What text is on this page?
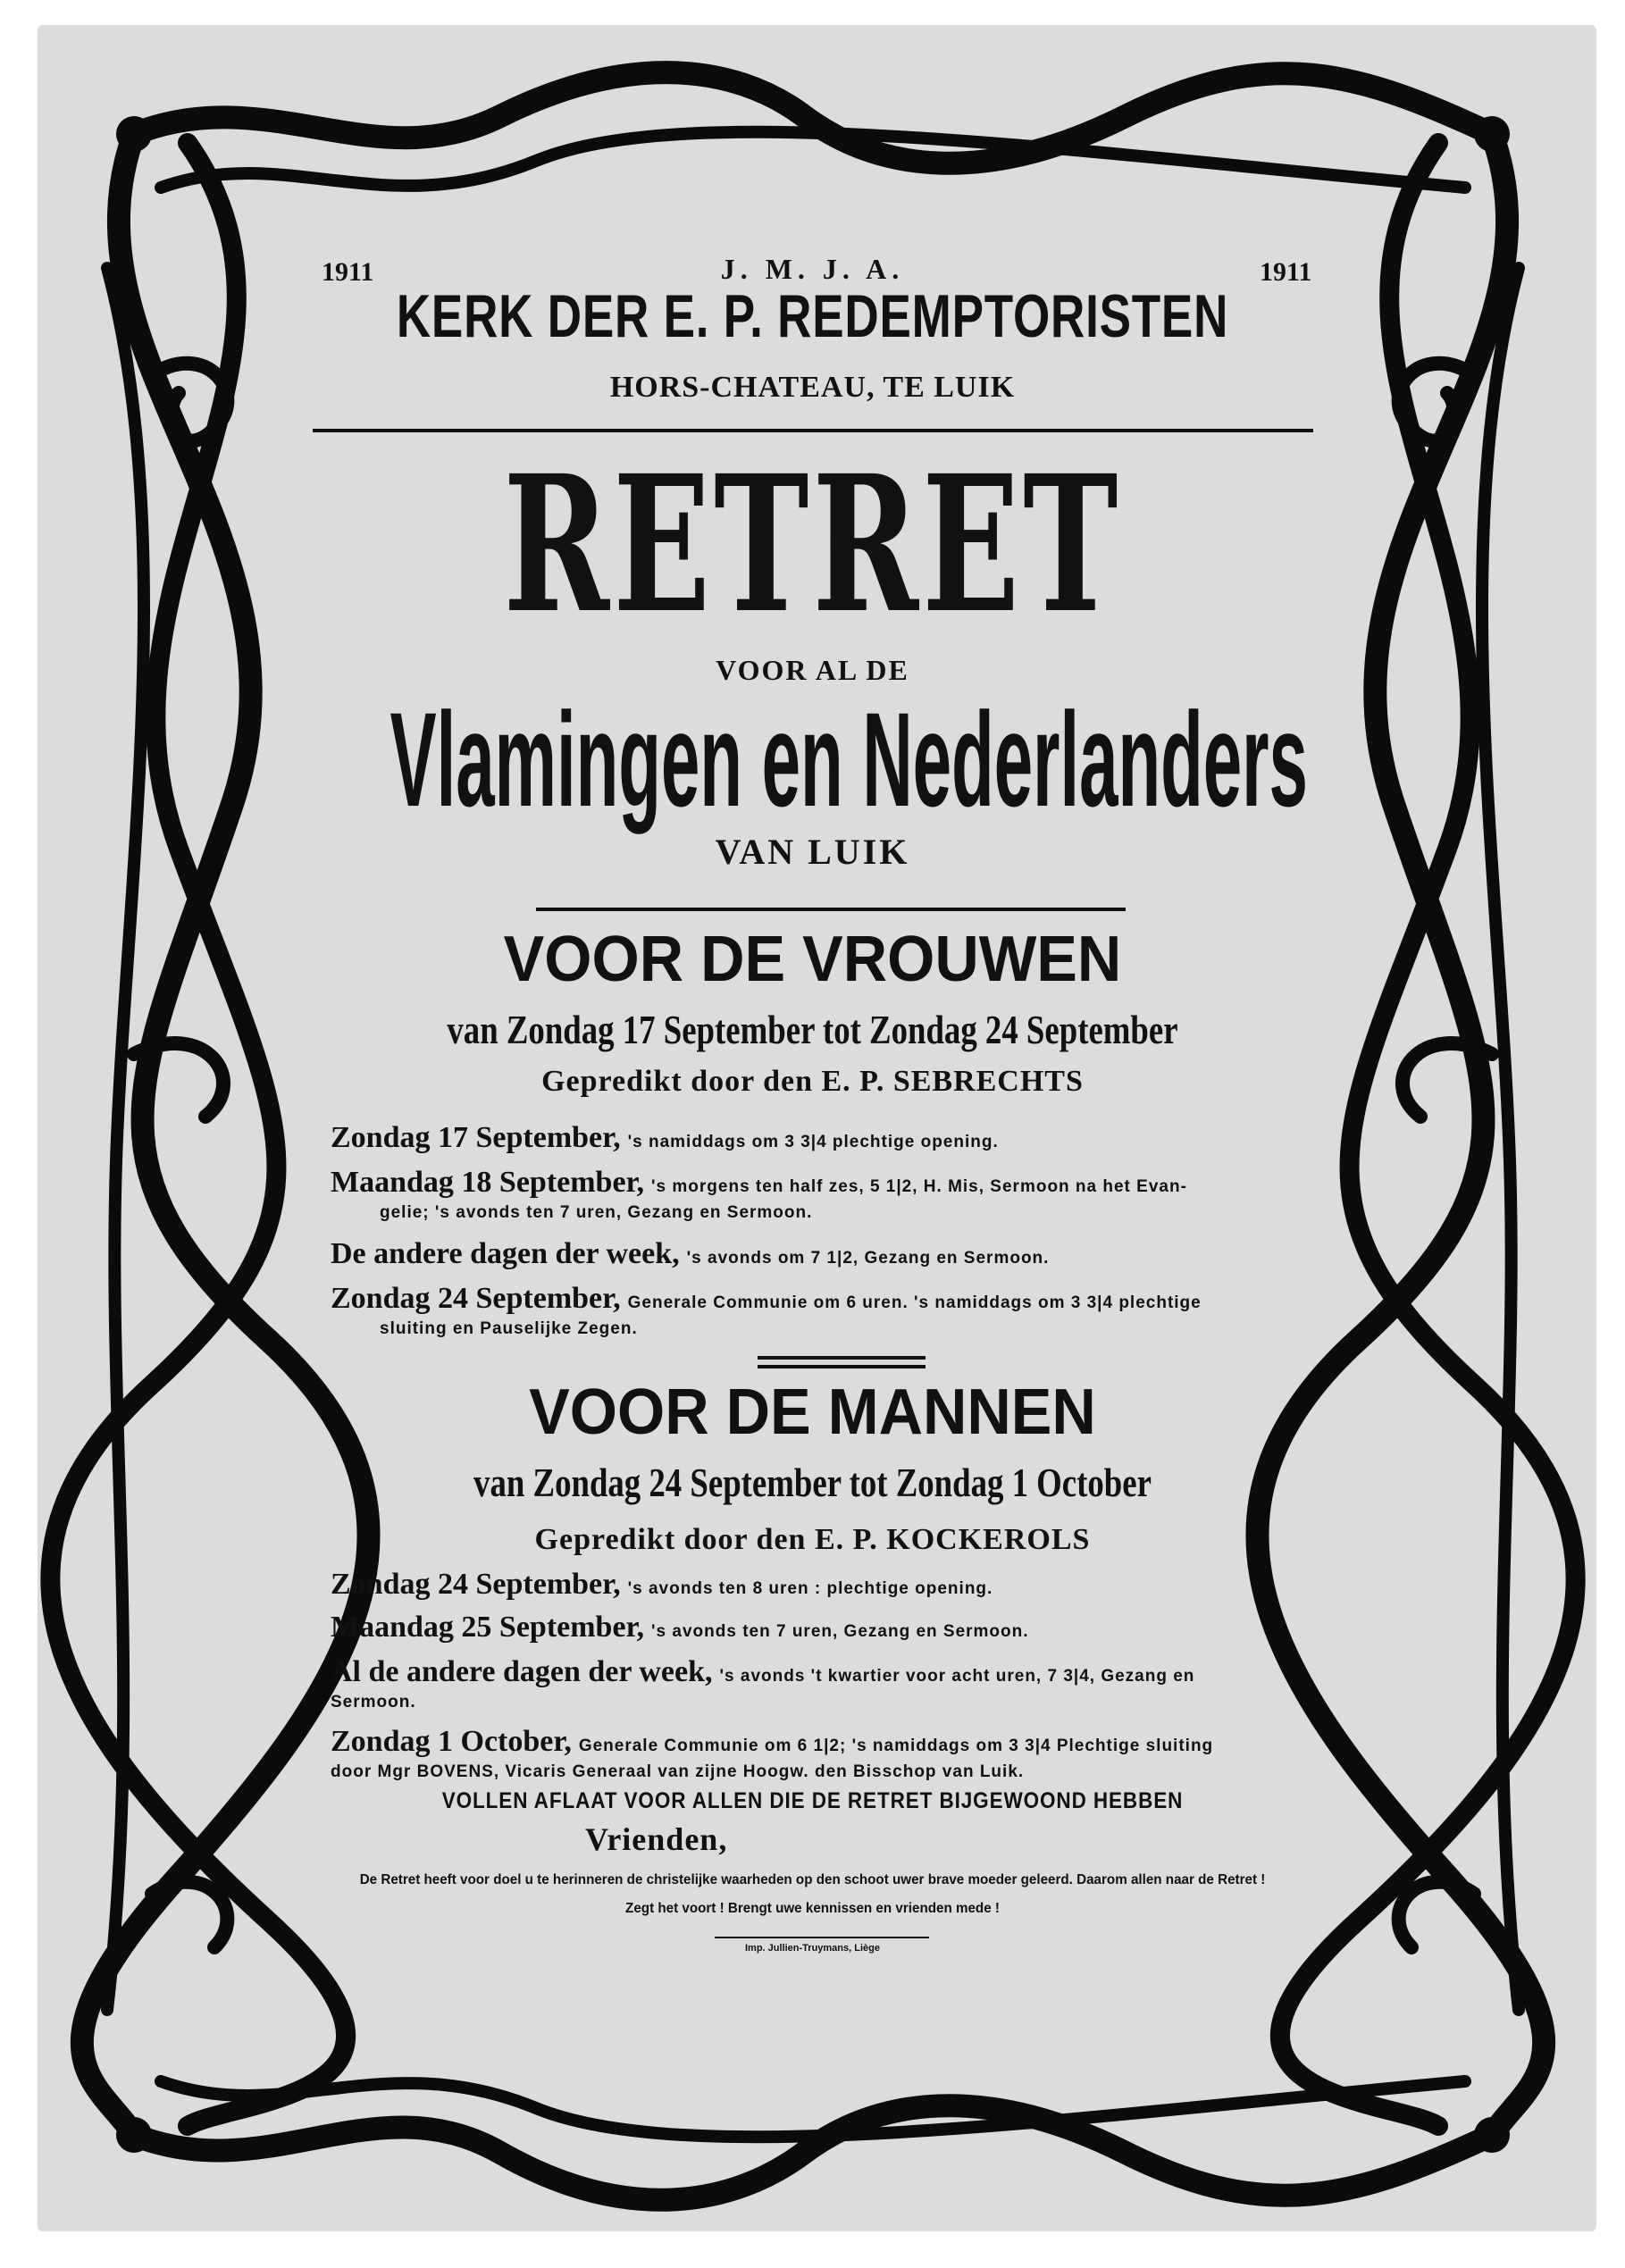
1911	1911
J. M. J. A.
KERK DER E. P. REDEMPTORISTEN
HORS-CHATEAU, TE LUIK
RETRET
VOOR AL DE
Vlamingen en Nederlanders
VAN LUIK
VOOR DE VROUWEN
van Zondag 17 September tot Zondag 24 September
Gepredikt door den E. P. SEBRECHTS
Zondag 17 September, 's namiddags om 3 3|4 plechtige opening.
Maandag 18 September, 's morgens ten half zes, 5 1|2, H. Mis, Sermoon na het Evan-
gelie; 's avonds ten 7 uren, Gezang en Sermoon.
De andere dagen der week, 's avonds om 7 1|2, Gezang en Sermoon.
Zondag 24 September, Generale Communie om 6 uren. 's namiddags om 3 3|4 plechtige
sluiting en Pauselijke Zegen.
VOOR DE MANNEN
van Zondag 24 September tot Zondag 1 October
Gepredikt door den E. P. KOCKEROLS
Zondag 24 September, 's avonds ten 8 uren : plechtige opening.
Maandag 25 September, 's avonds ten 7 uren, Gezang en Sermoon.
Al de andere dagen der week, 's avonds 't kwartier voor acht uren, 7 3|4, Gezang en
Sermoon.
Zondag 1 October, Generale Communie om 6 1|2; 's namiddags om 3 3|4 Plechtige sluiting
door Mgr BOVENS, Vicaris Generaal van zijne Hoogw. den Bisschop van Luik.
VOLLEN AFLAAT VOOR ALLEN DIE DE RETRET BIJGEWOOND HEBBEN
Vrienden,
De Retret heeft voor doel u te herinneren de christelijke waarheden op den schoot uwer brave moeder geleerd. Daarom allen naar de Retret !
Zegt het voort ! Brengt uwe kennissen en vrienden mede !
Imp. Jullien-Truymans, Liège
